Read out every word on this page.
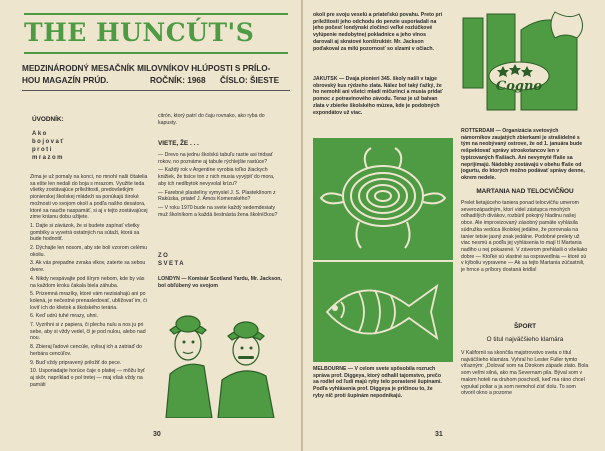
THE HUNCÚT'S
MEDZINÁRODNÝ MESAČNÍK MILOVNÍKOV HLÚPOSTI S PRÍLO-
HOU MAGAZÍN PRÚD.	ROČNÍK: 1968 ČÍSLO: ŠIESTE
ÚVODNÍK:
Ako
bojovať
proti
mrazom

Zima je už pomaly na konci, no mnohí naši čitatelia sa ešte len nedali do boja s mrazom. Využite teda všetky zostávajúce príležitosti, predovšetkým pionierskej školskej mládeži sa ponúkajú široké možnosti vo svojom okolí a podľa našho desatora, ktoré sa naučte naspamäť, si aj v tejto zostávajúcej zime krásnu dobu užijete.

1. Dajte si záväzok, že si budete zapínať všetky gombíky a vyvetrá ostatných na sútaži, ktorá sa bude hodnotiť.

2. Dýchajte len nosom, aby ste boli vzorom celému okoliu.

3. Ak vás prepadne zvraka vlkov, zaterte sa sebou dvere.

4. Nikdy nespávajte pod šírym nebom, kde by vás na každom kroku čakala biela záhuba.

5. Prizemná mrazíky, ktoré vám nezisiahajú ani po kolená, je nečestné prenasledovať, ublížovať im, či loviť ich do klietok a školského terária.

6. Keď udrú tuhé mrazy, uhni.

7. Vyzrihni si z papiera, či plechu nulu a nos ju pri sebe, aby si vždy vedel, či je pod nulou, alebo nad nou.

8. Zbieraj ľadové cencúle, vylisuj ich a zatriaď do herbára cencúľov.

9. Buď vždy pripravený priložiť do pece.

10. Usporiadajte horúce čaje o platiej — môžu byť aj skôr, napríklad o pol tretej — maj však vždy na pamäti

citrón, ktorý patrí do čaju rovnako, ako ryba do kapusty.

VIETE, ŽE . . .

— Drevo na jednu školskú tabuľu rastie asi tridsať rokov, no poznáme aj tabule rýchlejšie rastúce?

— Každý rok v Argentíne vyrobia toľko žiackych knižiek, že tisíce ton z nich musia vyvýpiť do mora, aby ich nedlbytok nevyvolal krízu?

— Farebné plastelíny vymyslel J. S. Plasteklínom z Rakúska, priateľ J. Ámos Komenského?

— V roku 1970 bude na svete každý sedemdesiaty muž školníkom a každá šestnásta žena školníčkou?

ZO
SVETA

LONDÝN — Komisár Scotland Yardu, Mr. Jackson, bol obľúbený vo svojom

30

okolí pre svoju veselú a priateľskú povahu. Preto pri príležitosti jeho odchodu do penzie usporiadali na jeho počesť londýnski zločinci veľké rozlúčkové vylúpenie nedobytnej pokladnice a jeho vlnos darovali aj skratové konštruktér. Mr. Jackson poďakoval za milú pozornosť so slzami v očiach.

JAKUTSK — Dvaja pionieri 345. školy našli v tajge obrovský kus rýdzeho zlata. Nález bol taký ťažký, že ho nemohli ani všetci mladí mičurinci a musia pridať pomoc z potravinového závodu. Teraz je už balvan zlata v zbierke školského múzea, kde je podobných expondátov už viac.

MELBOURNE — V celom svete spôsobila rozruch správa prof. Diggeya, ktorý odhalil tajomstvo, prečo sa rodiel od ľudí majú ryby telo porastené šupinami. Podľa vyhlásenia prof. Diggeya je príčinou to, že ryby nič proti šupinám nepodnikajú.

Cogno

ROTTERDAM — Organizácia svetových námorníkov zaujatých zbierkami je strašidelné s tým na neobývaný ostrove, že od 1. januára bude rešpektovať správy stroskotancov len v typizovaných fľašiach. Ani nevymyté fľaše sa neprijímajú. Nádobky zostávajú v obehu fľaše od jogurtu, do ktorých možno podávať správy denne, okrem nedele.

MARTANIA NAD TELOCVIČŇOU

Prelet lietajúceho taniera ponad telocvičňu umerom severozápadným, ktorí videl zástupca mnohých odhadilých divákov, rozbúril pokojný hladinu našej obce. Ale improvizovaný zásobný pamäte vyhlásila súdružka vedúca školskej jedálne, že porovnala na tanier tetsie jasný znak jedálne. Podobné prelety už viac nesmú a podľa jej vyhlásenia to mají tí Martania nadiho u nej pokazené. V záverom prehlásili o všeliako dobre — Ktoľké sú vlastné sa ospravedlnia — ktoré sú v kýboliu vypravene — Ak sa tejto Martania zúčastnili, je hrnce a príbory dostaná kridla!

ŠPORT
O titul najväčšieho klamára

V Kalifornii sa skončila majstrovstvo sveta o titul najväčšieho klamára. Vyhral ho Lester Fuller tymto víťazným: „Dolovať som na Dirokom západe zlato. Bola som veľmi silná, ako ma Severnam pila. Býval som v malom hoteli na druhom poschodí, keď ma ráno chcel vypukal poliar a ja som nemohol zísť dolu. To som otvoril okno a pozorne

31
